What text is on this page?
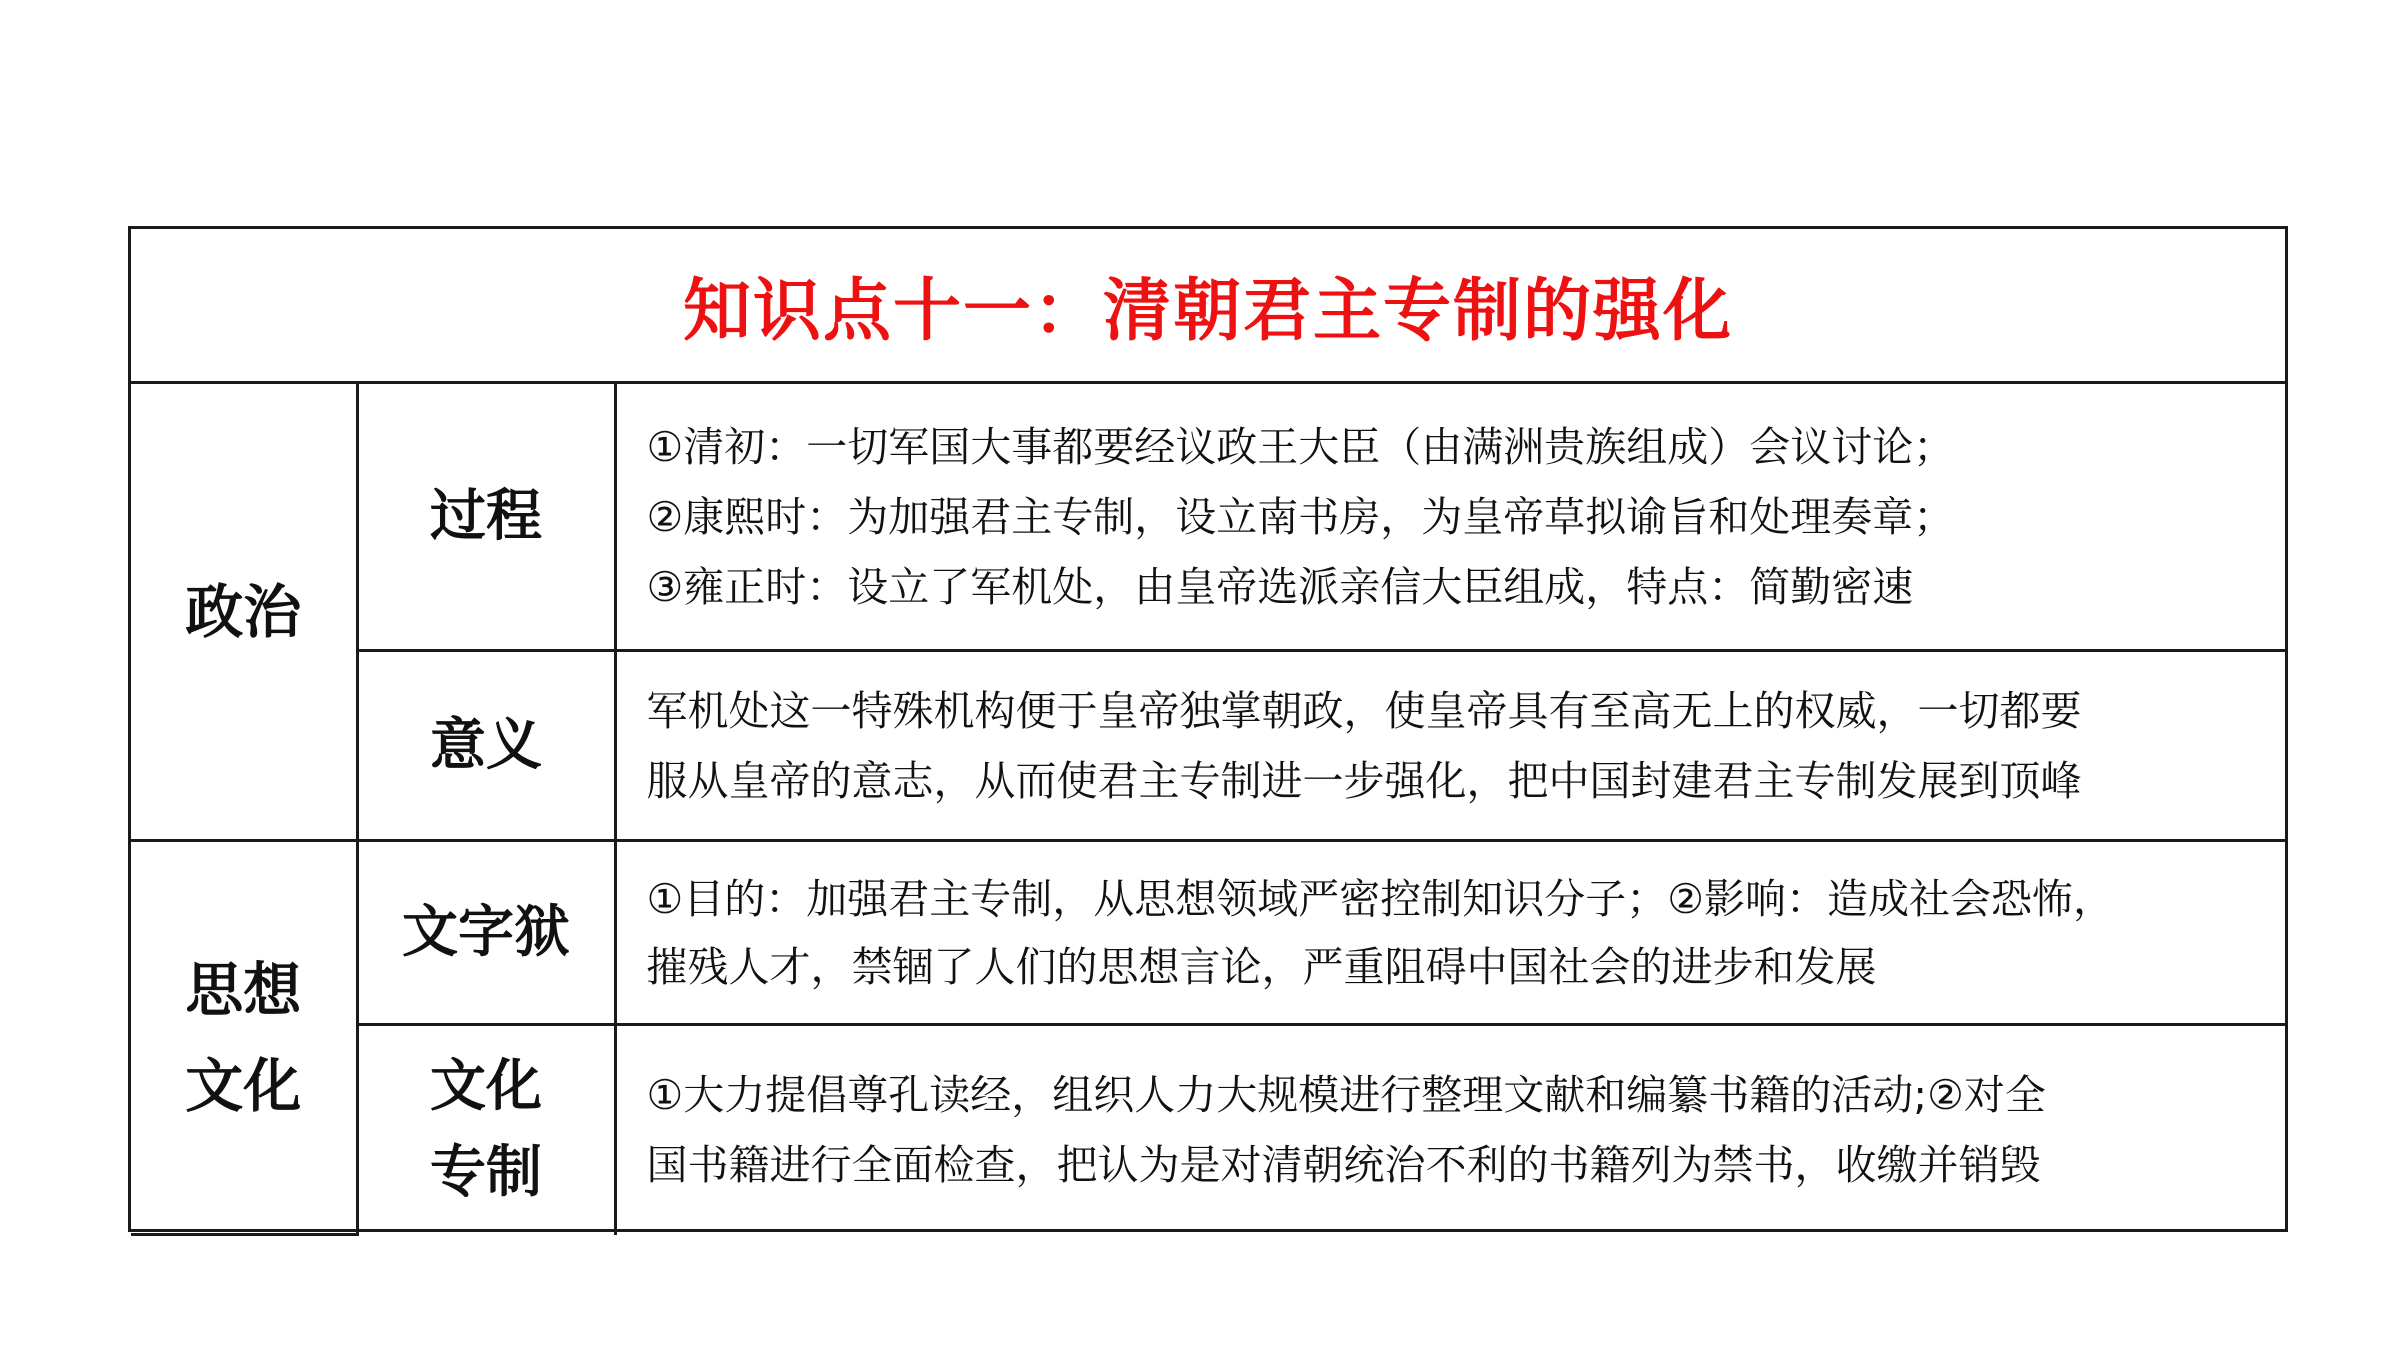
知识点十一：清朝君主专制的强化		
政治	过程	①清初：一切军国大事都要经议政王大臣（由满洲贵族组成）会议讨论；
②康熙时：为加强君主专制，设立南书房，为皇帝草拟谕旨和处理奏章；
③雍正时：设立了军机处，由皇帝选派亲信大臣组成，特点：简勤密速

	意义	军机处这一特殊机构便于皇帝独掌朝政，使皇帝具有至高无上的权威，一切都要
服从皇帝的意志，从而使君主专制进一步强化，把中国封建君主专制发展到顶峰

思想
文化	文字狱	①目的：加强君主专制，从思想领域严密控制知识分子；②影响：造成社会恐怖，
摧残人才，禁锢了人们的思想言论，严重阻碍中国社会的进步和发展

	文化
专制	①大力提倡尊孔读经，组织人力大规模进行整理文献和编纂书籍的活动;②对全
国书籍进行全面检查，把认为是对清朝统治不利的书籍列为禁书，收缴并销毁
